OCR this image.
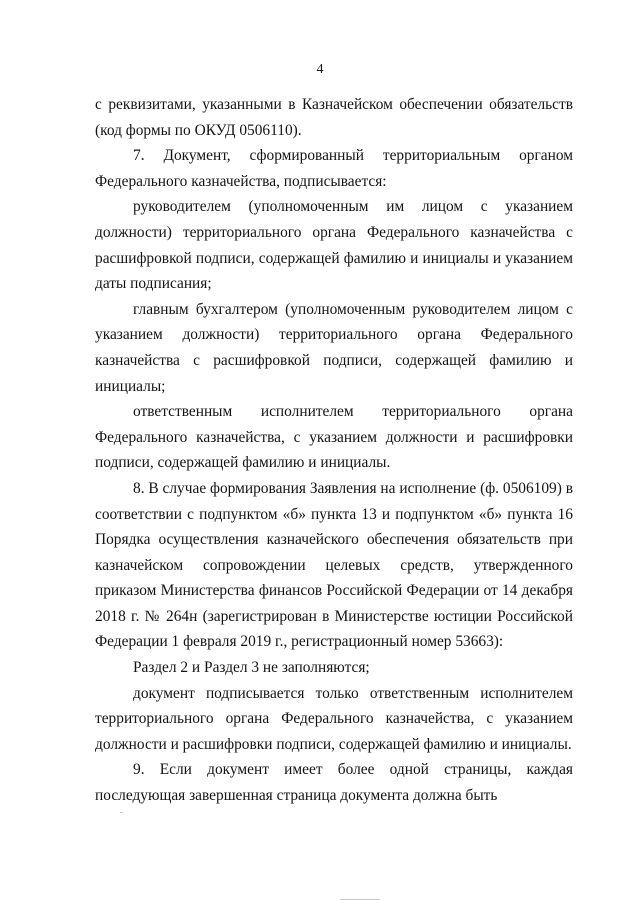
4

с реквизитами, указанными в Казначейском обеспечении обязательств (код формы по ОКУД 0506110).

7. Документ, сформированный территориальным органом Федерального казначейства, подписывается:

руководителем (уполномоченным им лицом с указанием должности) территориального органа Федерального казначейства с расшифровкой подписи, содержащей фамилию и инициалы и указанием даты подписания;

главным бухгалтером (уполномоченным руководителем лицом с указанием должности) территориального органа Федерального казначейства с расшифровкой подписи, содержащей фамилию и инициалы;

ответственным исполнителем территориального органа Федерального казначейства, с указанием должности и расшифровки подписи, содержащей фамилию и инициалы.

8. В случае формирования Заявления на исполнение (ф. 0506109) в соответствии с подпунктом «б» пункта 13 и подпунктом «б» пункта 16 Порядка осуществления казначейского обеспечения обязательств при казначейском сопровождении целевых средств, утвержденного приказом Министерства финансов Российской Федерации от 14 декабря 2018 г. № 264н (зарегистрирован в Министерстве юстиции Российской Федерации 1 февраля 2019 г., регистрационный номер 53663):

Раздел 2 и Раздел 3 не заполняются;

документ подписывается только ответственным исполнителем территориального органа Федерального казначейства, с указанием должности и расшифровки подписи, содержащей фамилию и инициалы.

9. Если документ имеет более одной страницы, каждая последующая завершенная страница документа должна быть
